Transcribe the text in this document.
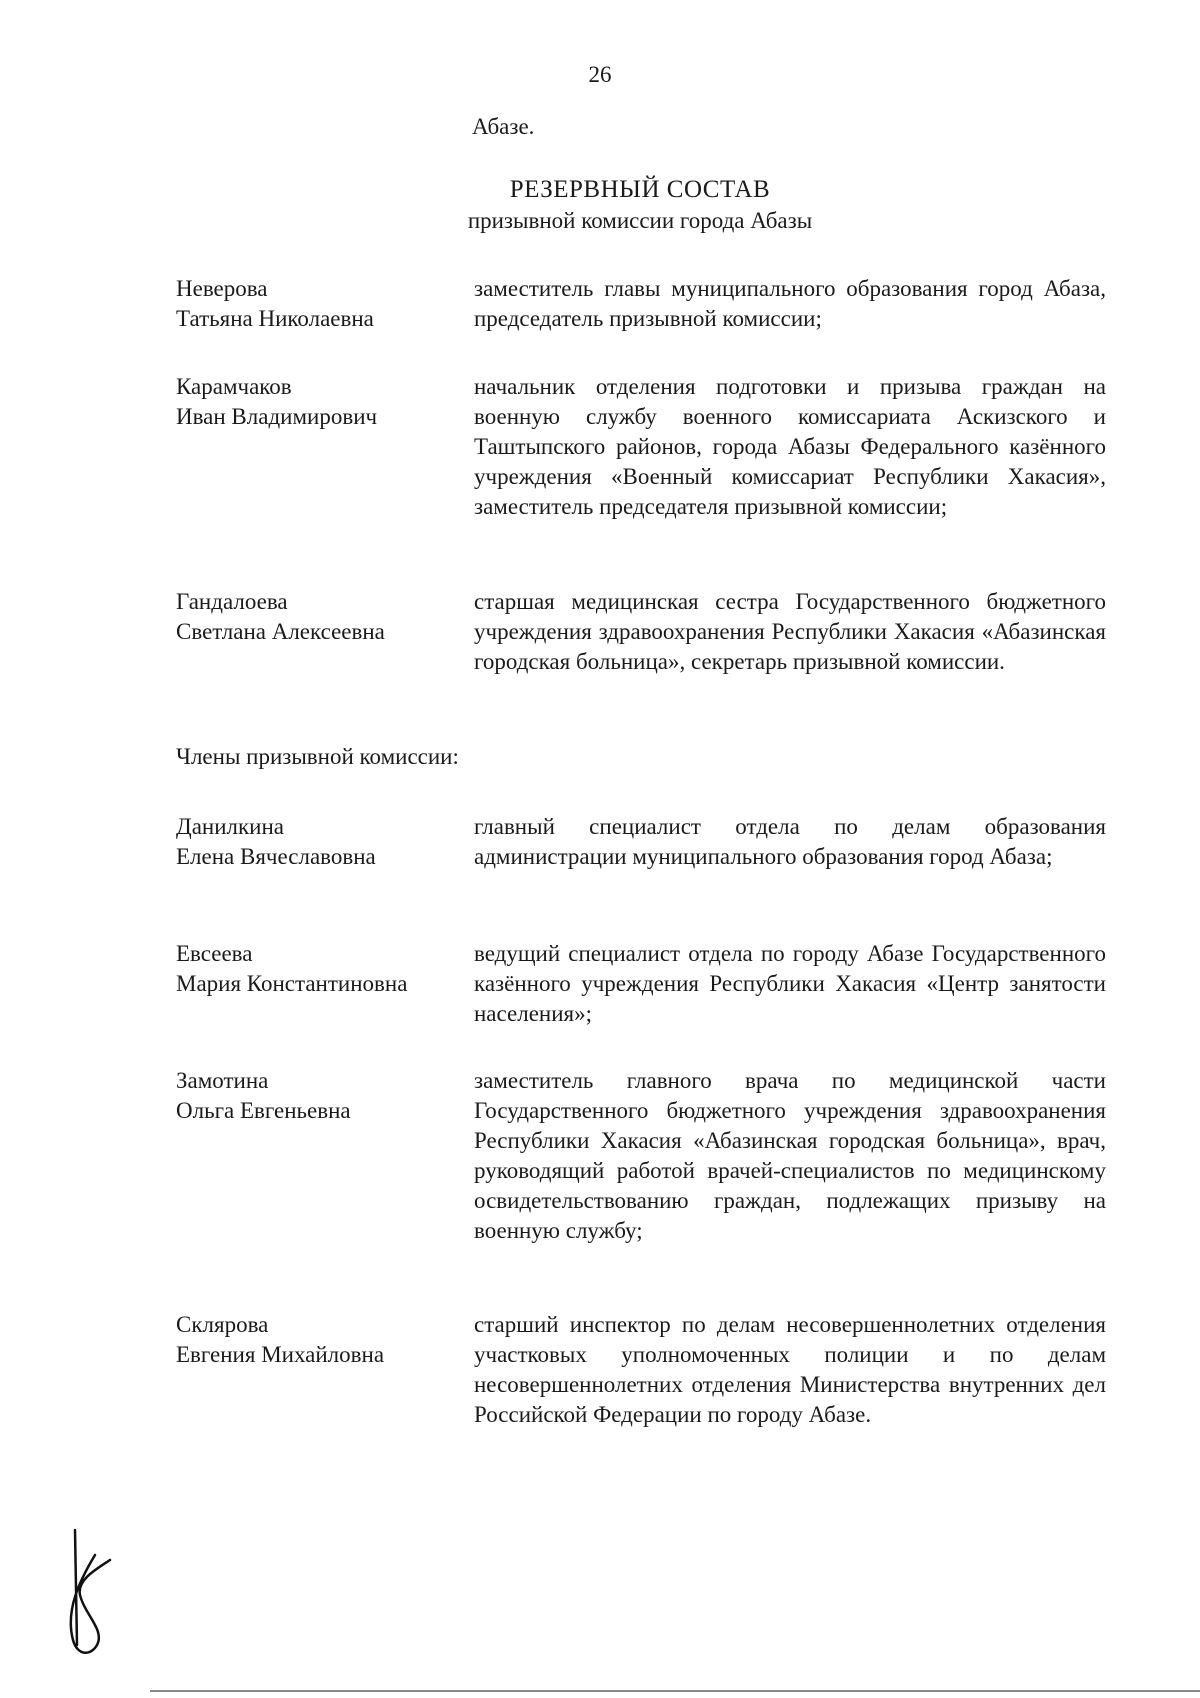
26
Абазе.
РЕЗЕРВНЫЙ СОСТАВ
призывной комиссии города Абазы
Неверова
Татьяна Николаевна
заместитель главы муниципального образования город Абаза, председатель призывной комиссии;
Карамчаков
Иван Владимирович
начальник отделения подготовки и призыва граждан на военную службу военного комиссариата Аскизского и Таштыпского районов, города Абазы Федерального казённого учреждения «Военный комиссариат Республики Хакасия», заместитель председателя призывной комиссии;
Гандалоева
Светлана Алексеевна
старшая медицинская сестра Государственного бюджетного учреждения здравоохранения Республики Хакасия «Абазинская городская больница», секретарь призывной комиссии.
Члены призывной комиссии:
Данилкина
Елена Вячеславовна
главный специалист отдела по делам образования администрации муниципального образования город Абаза;
Евсеева
Мария Константиновна
ведущий специалист отдела по городу Абазе Государственного казённого учреждения Республики Хакасия «Центр занятости населения»;
Замотина
Ольга Евгеньевна
заместитель главного врача по медицинской части Государственного бюджетного учреждения здравоохранения Республики Хакасия «Абазинская городская больница», врач, руководящий работой врачей-специалистов по медицинскому освидетельствованию граждан, подлежащих призыву на военную службу;
Склярова
Евгения Михайловна
старший инспектор по делам несовершеннолетних отделения участковых уполномоченных полиции и по делам несовершеннолетних отделения Министерства внутренних дел Российской Федерации по городу Абазе.
